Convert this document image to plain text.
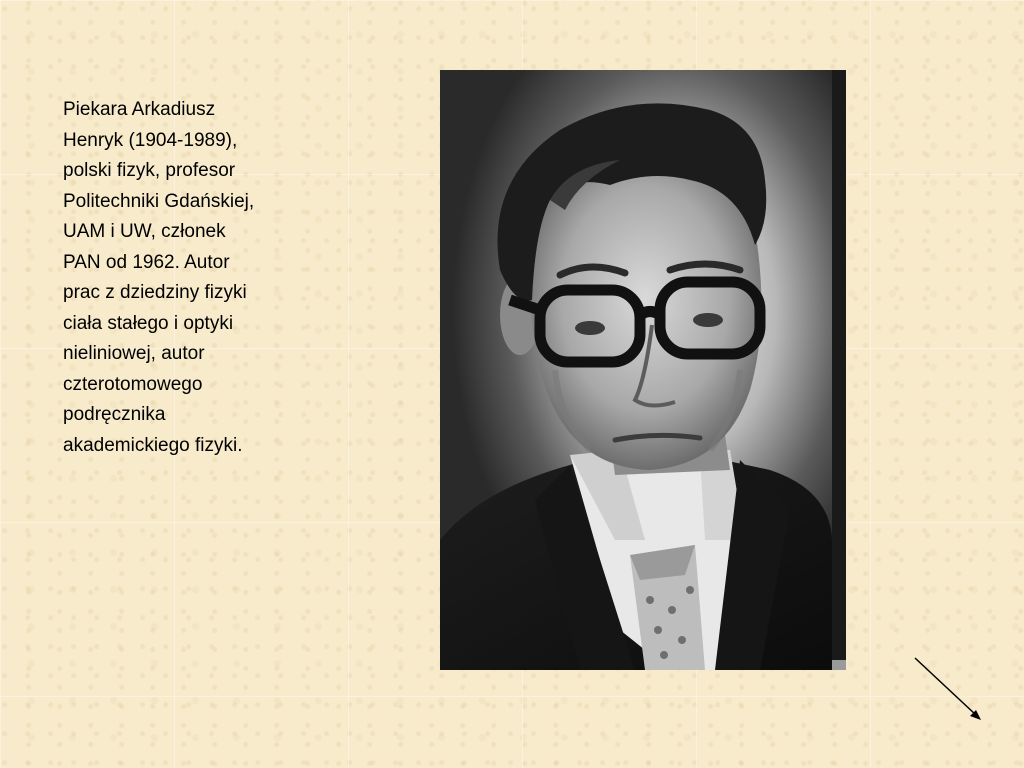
Piekara Arkadiusz Henryk (1904-1989), polski fizyk, profesor Politechniki Gdańskiej, UAM i UW, członek PAN od 1962. Autor prac z dziedziny fizyki ciała stałego i optyki nieliniowej, autor czterotomowego podręcznika akademickiego fizyki.
